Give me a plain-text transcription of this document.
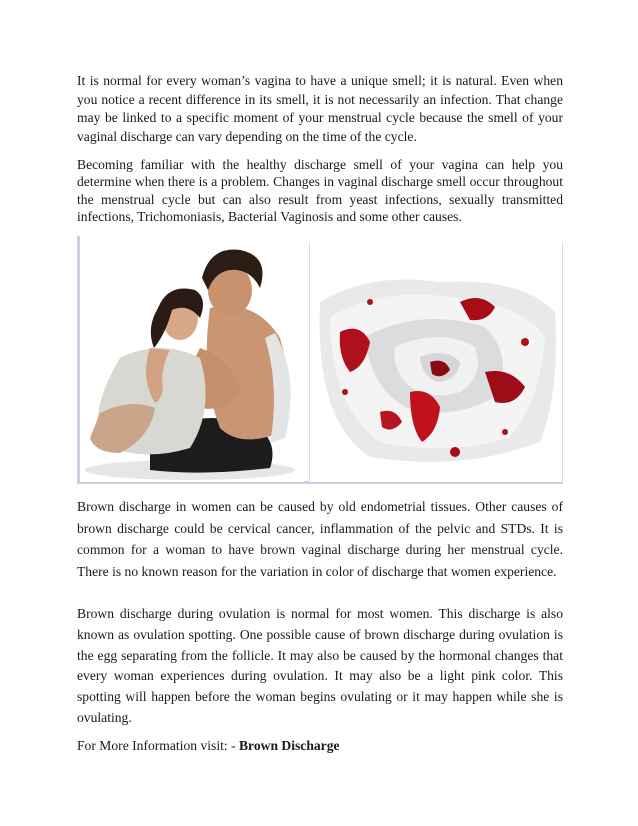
It is normal for every woman’s vagina to have a unique smell; it is natural. Even when you notice a recent difference in its smell, it is not necessarily an infection. That change may be linked to a specific moment of your menstrual cycle because the smell of your vaginal discharge can vary depending on the time of the cycle.

Becoming familiar with the healthy discharge smell of your vagina can help you determine when there is a problem. Changes in vaginal discharge smell occur throughout the menstrual cycle but can also result from yeast infections, sexually transmitted infections, Trichomoniasis, Bacterial Vaginosis and some other causes.

Brown discharge in women can be caused by old endometrial tissues. Other causes of brown discharge could be cervical cancer, inflammation of the pelvic and STDs. It is common for a woman to have brown vaginal discharge during her menstrual cycle. There is no known reason for the variation in color of discharge that women experience.

Brown discharge during ovulation is normal for most women. This discharge is also known as ovulation spotting. One possible cause of brown discharge during ovulation is the egg separating from the follicle. It may also be caused by the hormonal changes that every woman experiences during ovulation. It may also be a light pink color. This spotting will happen before the woman begins ovulating or it may happen while she is ovulating.

For More Information visit: - Brown Discharge
